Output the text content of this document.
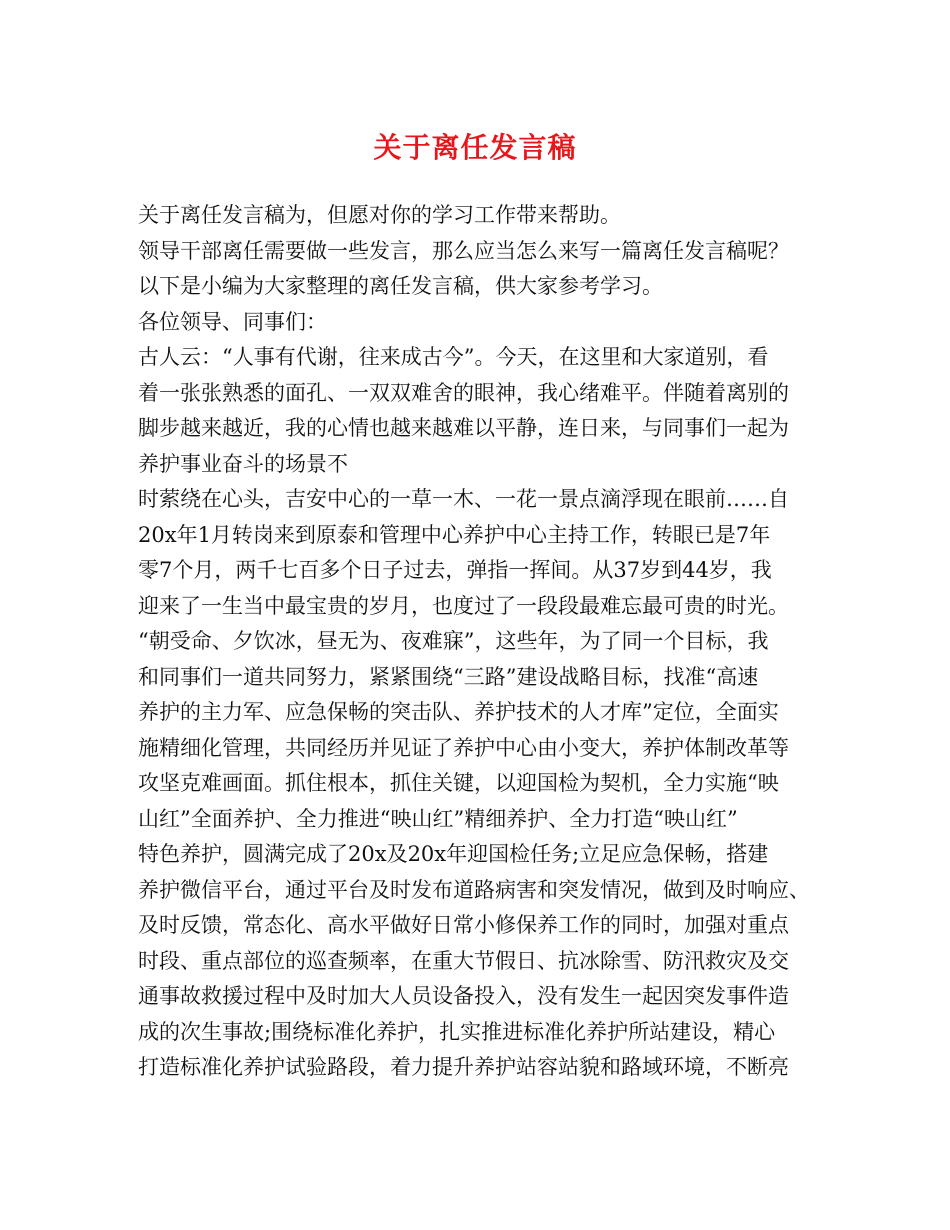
关于离任发言稿
关于离任发言稿为，但愿对你的学习工作带来帮助。
领导干部离任需要做一些发言，那么应当怎么来写一篇离任发言稿呢？
以下是小编为大家整理的离任发言稿，供大家参考学习。
各位领导、同事们：
古人云：“人事有代谢，往来成古今”。今天，在这里和大家道别，看
着一张张熟悉的面孔、一双双难舍的眼神，我心绪难平。伴随着离别的
脚步越来越近，我的心情也越来越难以平静，连日来，与同事们一起为
养护事业奋斗的场景不
时萦绕在心头，吉安中心的一草一木、一花一景点滴浮现在眼前……自
20x年1月转岗来到原泰和管理中心养护中心主持工作，转眼已是7年
零7个月，两千七百多个日子过去，弹指一挥间。从37岁到44岁，我
迎来了一生当中最宝贵的岁月，也度过了一段段最难忘最可贵的时光。
“朝受命、夕饮冰，昼无为、夜难寐”，这些年，为了同一个目标，我
和同事们一道共同努力，紧紧围绕“三路”建设战略目标，找准“高速
养护的主力军、应急保畅的突击队、养护技术的人才库”定位，全面实
施精细化管理，共同经历并见证了养护中心由小变大，养护体制改革等
攻坚克难画面。抓住根本，抓住关键，以迎国检为契机，全力实施“映
山红”全面养护、全力推进“映山红”精细养护、全力打造“映山红”
特色养护，圆满完成了20x及20x年迎国检任务;立足应急保畅，搭建
养护微信平台，通过平台及时发布道路病害和突发情况，做到及时响应、
及时反馈，常态化、高水平做好日常小修保养工作的同时，加强对重点
时段、重点部位的巡查频率，在重大节假日、抗冰除雪、防汛救灾及交
通事故救援过程中及时加大人员设备投入，没有发生一起因突发事件造
成的次生事故;围绕标准化养护，扎实推进标准化养护所站建设，精心
打造标准化养护试验路段，着力提升养护站容站貌和路域环境，不断亮
